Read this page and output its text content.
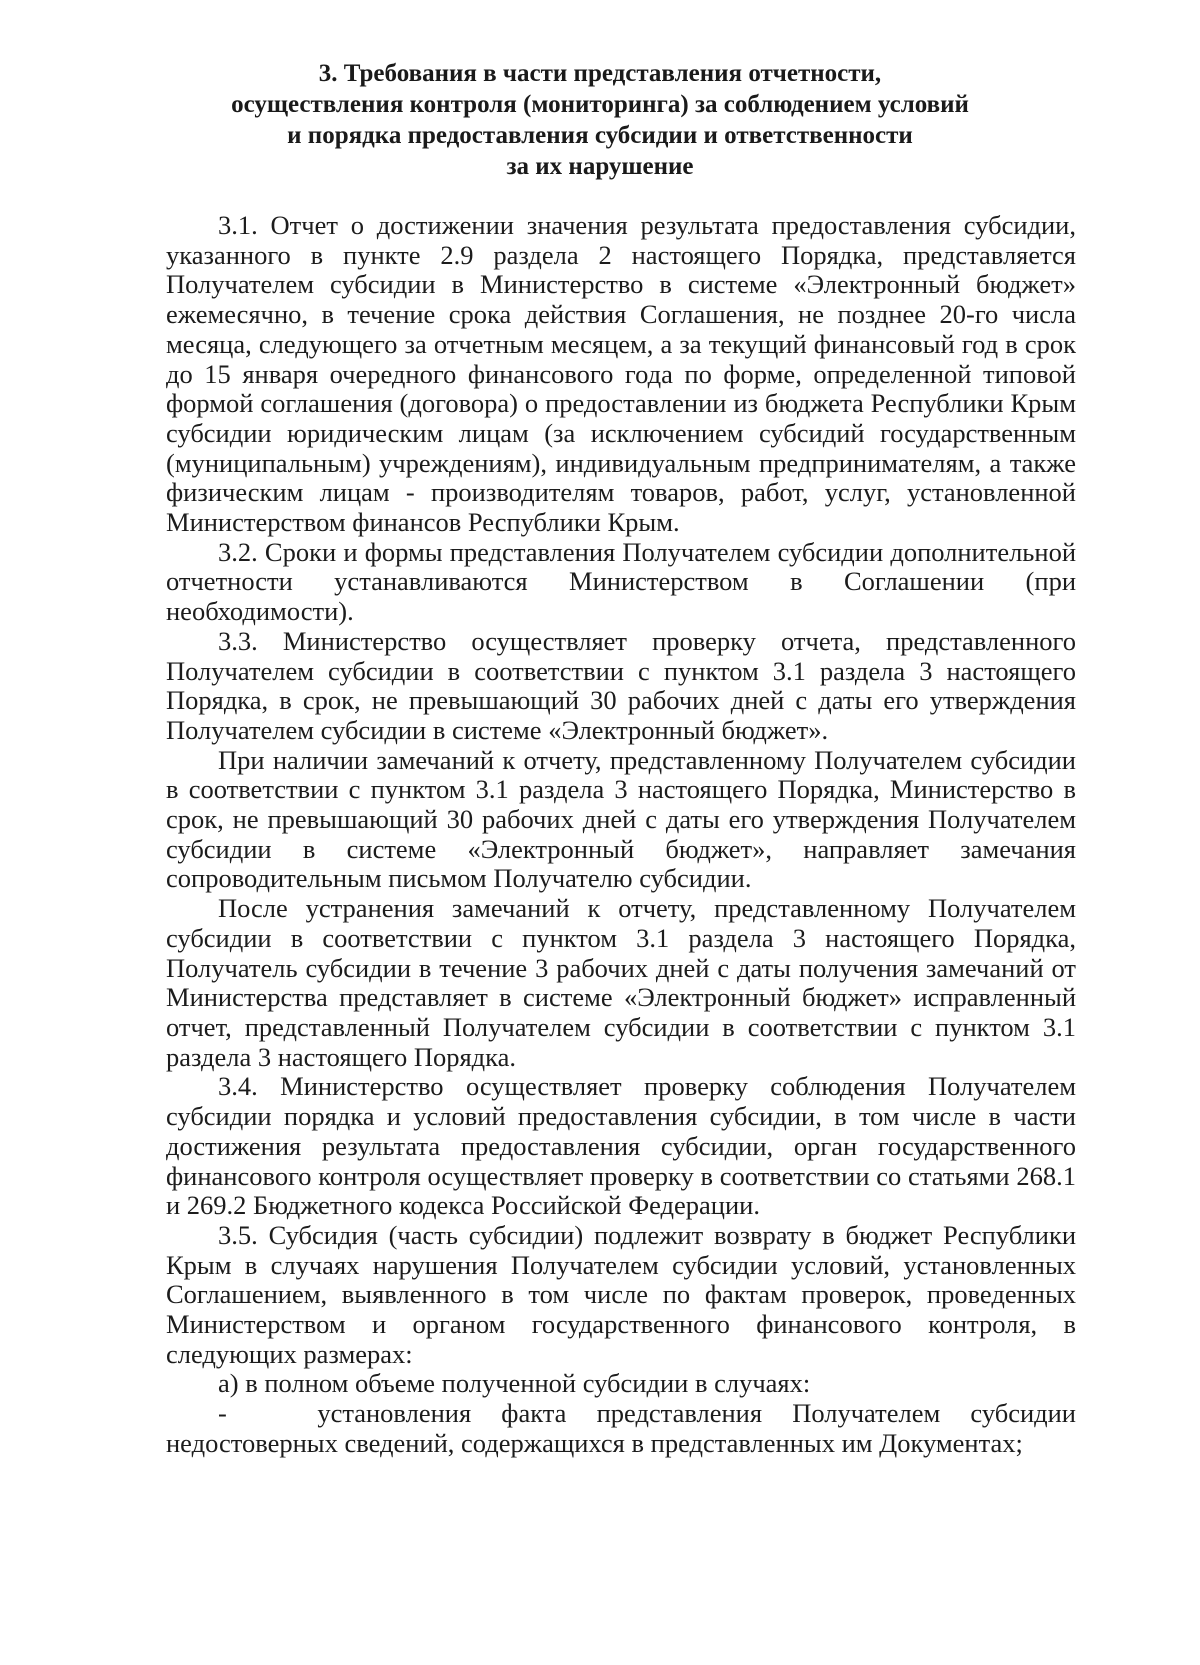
3. Требования в части представления отчетности,
осуществления контроля (мониторинга) за соблюдением условий
и порядка предоставления субсидии и ответственности
за их нарушение

3.1. Отчет о достижении значения результата предоставления субсидии, указанного в пункте 2.9 раздела 2 настоящего Порядка, представляется Получателем субсидии в Министерство в системе «Электронный бюджет» ежемесячно, в течение срока действия Соглашения, не позднее 20-го числа месяца, следующего за отчетным месяцем, а за текущий финансовый год в срок до 15 января очередного финансового года по форме, определенной типовой формой соглашения (договора) о предоставлении из бюджета Республики Крым субсидии юридическим лицам (за исключением субсидий государственным (муниципальным) учреждениям), индивидуальным предпринимателям, а также физическим лицам - производителям товаров, работ, услуг, установленной Министерством финансов Республики Крым.

3.2. Сроки и формы представления Получателем субсидии дополнительной отчетности устанавливаются Министерством в Соглашении (при необходимости).

3.3. Министерство осуществляет проверку отчета, представленного Получателем субсидии в соответствии с пунктом 3.1 раздела 3 настоящего Порядка, в срок, не превышающий 30 рабочих дней с даты его утверждения Получателем субсидии в системе «Электронный бюджет».

При наличии замечаний к отчету, представленному Получателем субсидии в соответствии с пунктом 3.1 раздела 3 настоящего Порядка, Министерство в срок, не превышающий 30 рабочих дней с даты его утверждения Получателем субсидии в системе «Электронный бюджет», направляет замечания сопроводительным письмом Получателю субсидии.

После устранения замечаний к отчету, представленному Получателем субсидии в соответствии с пунктом 3.1 раздела 3 настоящего Порядка, Получатель субсидии в течение 3 рабочих дней с даты получения замечаний от Министерства представляет в системе «Электронный бюджет» исправленный отчет, представленный Получателем субсидии в соответствии с пунктом 3.1 раздела 3 настоящего Порядка.

3.4. Министерство осуществляет проверку соблюдения Получателем субсидии порядка и условий предоставления субсидии, в том числе в части достижения результата предоставления субсидии, орган государственного финансового контроля осуществляет проверку в соответствии со статьями 268.1 и 269.2 Бюджетного кодекса Российской Федерации.

3.5. Субсидия (часть субсидии) подлежит возврату в бюджет Республики Крым в случаях нарушения Получателем субсидии условий, установленных Соглашением, выявленного в том числе по фактам проверок, проведенных Министерством и органом государственного финансового контроля, в следующих размерах:

а) в полном объеме полученной субсидии в случаях:

-   установления факта представления Получателем субсидии недостоверных сведений, содержащихся в представленных им Документах;
